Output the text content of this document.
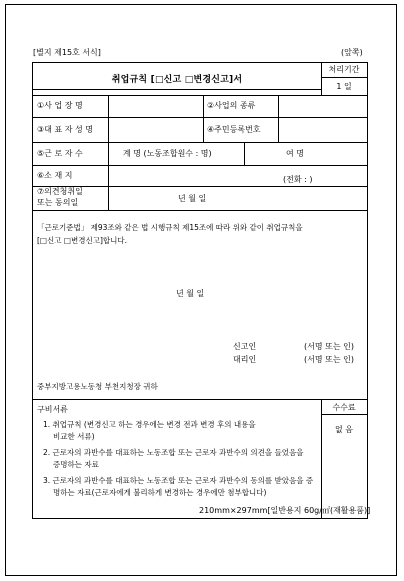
[별지 제15호 서식]	(앞쪽)
취업규칙 [□신고 □변경신고]서
처리기간
1 일
①사 업 장 명	②사업의 종류
③대 표 자 성 명	④주민등록번호
⑤근 로 자 수	계 명 (노동조합원수 : 명)	여 명
⑥소 재 지	(전화 : )
⑦의견청취일
또는 동의일	년 월 일
「근로기준법」 제93조와 같은 법 시행규칙 제15조에 따라 위와 같이 취업규칙을
[□신고 □변경신고]합니다.
년 월 일
신고인	(서명 또는 인)
대리인	(서명 또는 인)
중부지방고용노동청 부천지청장 귀하
구비서류	수수료
없 음
1. 취업규칙 (변경신고 하는 경우에는 변경 전과 변경 후의 내용을
비교한 서류)
2. 근로자의 과반수를 대표하는 노동조합 또는 근로자 과반수의 의견을 들었음을
증명하는 자료
3. 근로자의 과반수를 대표하는 노동조합 또는 근로자 과반수의 동의를 받았음을 증
명하는 자료(근로자에게 불리하게 변경하는 경우에만 첨부합니다)
210mm×297mm[일반용지 60g/㎡(재활용품)]
